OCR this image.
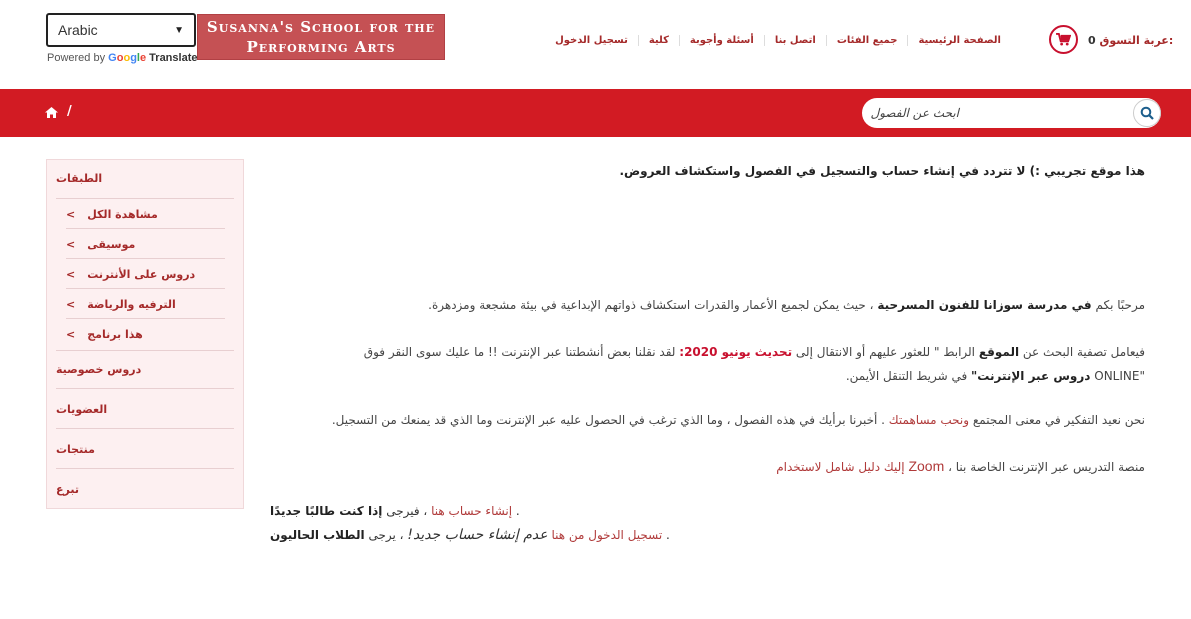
Arabic	▼
Powered by Google Translate
Susanna's School for the
Performing Arts	الصفحة الرئيسية
جميع الفئات
اتصل بنا
أسئلة وأجوبة
كلية
تسجيل الدخول	0 عربة التسوق:
/	ابحث عن الفصول
الطبقات
< مشاهدة الكل
< موسيقى
< دروس على الأنترنت
< الترفيه والرياضة
< هذا برنامج
دروس خصوصية
العضويات
منتجات
تبرع
هذا موقع تجريبي :) لا تتردد في إنشاء حساب والتسجيل في الفصول واستكشاف العروض.
مرحبًا بكم في مدرسة سوزانا للفنون المسرحية ، حيث يمكن لجميع الأعمار والقدرات استكشاف ذواتهم الإبداعية في بيئة مشجعة ومزدهرة.
فيعامل تصفية البحث عن الموقع الرابط " للعثور عليهم أو الانتقال إلى تحديث يونيو 2020: لقد نقلنا بعض أنشطتنا عبر الإنترنت !! ما عليك سوى النقر فوق "ONLINE دروس عبر الإنترنت" في شريط التنقل الأيمن.
نحن نعيد التفكير في معنى المجتمع ونحب مساهمتك . أخبرنا برأيك في هذه الفصول ، وما الذي ترغب في الحصول عليه عبر الإنترنت وما الذي قد يمنعك من التسجيل.
منصة التدريس عبر الإنترنت الخاصة بنا ، Zoom إليك دليل شامل لاستخدام
إنشاء حساب هنا ، فيرجى إذا كنت طالبًا جديدًا	.
تسجيل الدخول من هنا عدم إنشاء حساب جديد! ، يرجى الطلاب الحاليون	.
